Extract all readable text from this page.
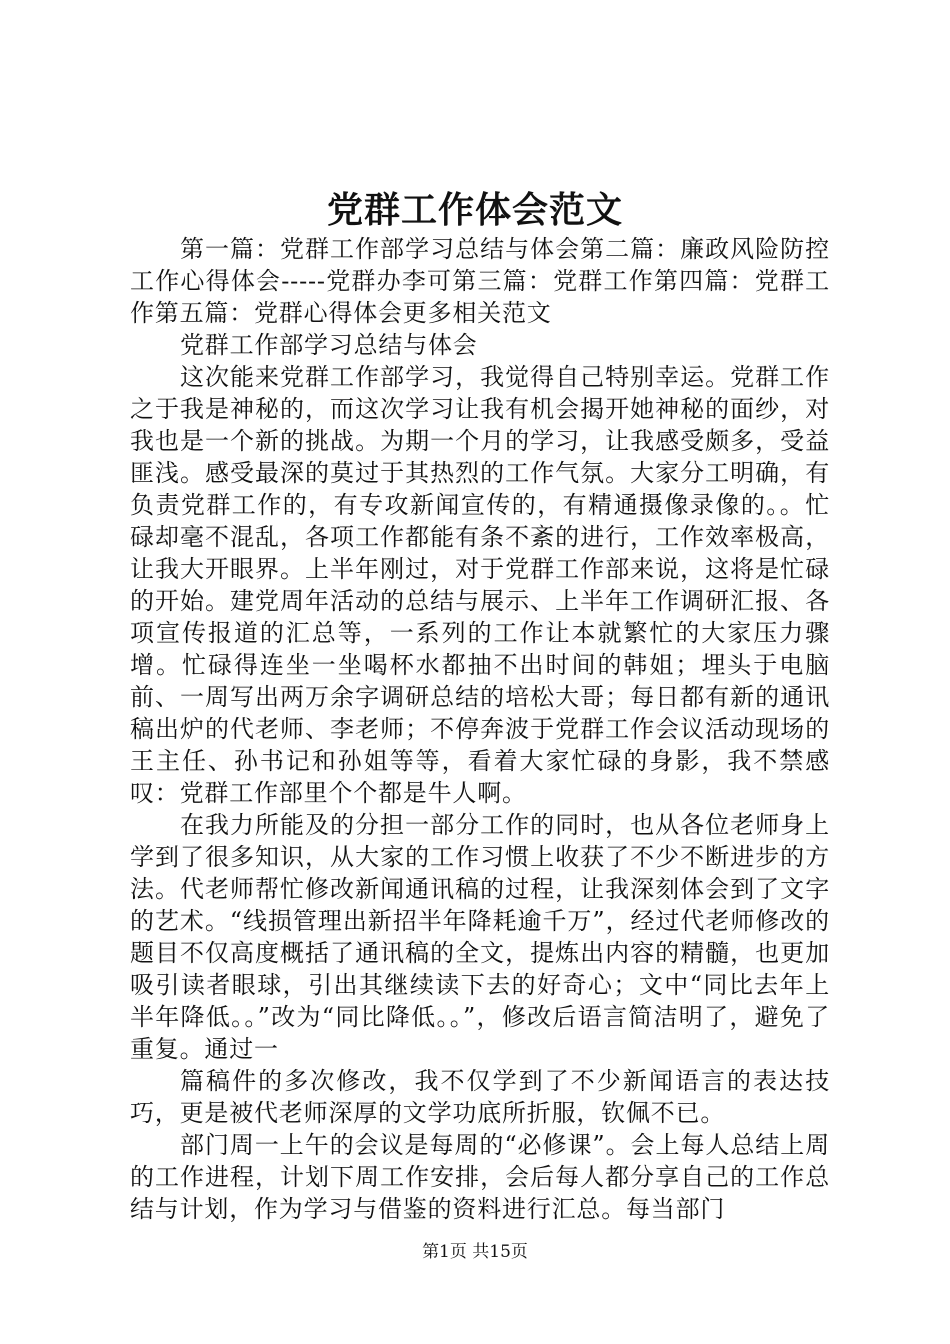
党群工作体会范文

第一篇：党群工作部学习总结与体会第二篇：廉政风险防控工作心得体会-----党群办李可第三篇：党群工作第四篇：党群工作第五篇：党群心得体会更多相关范文

党群工作部学习总结与体会

这次能来党群工作部学习，我觉得自己特别幸运。党群工作之于我是神秘的，而这次学习让我有机会揭开她神秘的面纱，对我也是一个新的挑战。为期一个月的学习，让我感受颇多，受益匪浅。感受最深的莫过于其热烈的工作气氛。大家分工明确，有负责党群工作的，有专攻新闻宣传的，有精通摄像录像的。。忙碌却毫不混乱，各项工作都能有条不紊的进行，工作效率极高，让我大开眼界。上半年刚过，对于党群工作部来说，这将是忙碌的开始。建党周年活动的总结与展示、上半年工作调研汇报、各项宣传报道的汇总等，一系列的工作让本就繁忙的大家压力骤增。忙碌得连坐一坐喝杯水都抽不出时间的韩姐；埋头于电脑前、一周写出两万余字调研总结的培松大哥；每日都有新的通讯稿出炉的代老师、李老师；不停奔波于党群工作会议活动现场的王主任、孙书记和孙姐等等，看着大家忙碌的身影，我不禁感叹：党群工作部里个个都是牛人啊。

在我力所能及的分担一部分工作的同时，也从各位老师身上学到了很多知识，从大家的工作习惯上收获了不少不断进步的方法。代老师帮忙修改新闻通讯稿的过程，让我深刻体会到了文字的艺术。“线损管理出新招半年降耗逾千万”，经过代老师修改的题目不仅高度概括了通讯稿的全文，提炼出内容的精髓，也更加吸引读者眼球，引出其继续读下去的好奇心；文中“同比去年上半年降低。。”改为“同比降低。。”，修改后语言简洁明了，避免了重复。通过一

篇稿件的多次修改，我不仅学到了不少新闻语言的表达技巧，更是被代老师深厚的文学功底所折服，钦佩不已。

部门周一上午的会议是每周的“必修课”。会上每人总结上周的工作进程，计划下周工作安排，会后每人都分享自己的工作总结与计划，作为学习与借鉴的资料进行汇总。每当部门

第1页 共15页
